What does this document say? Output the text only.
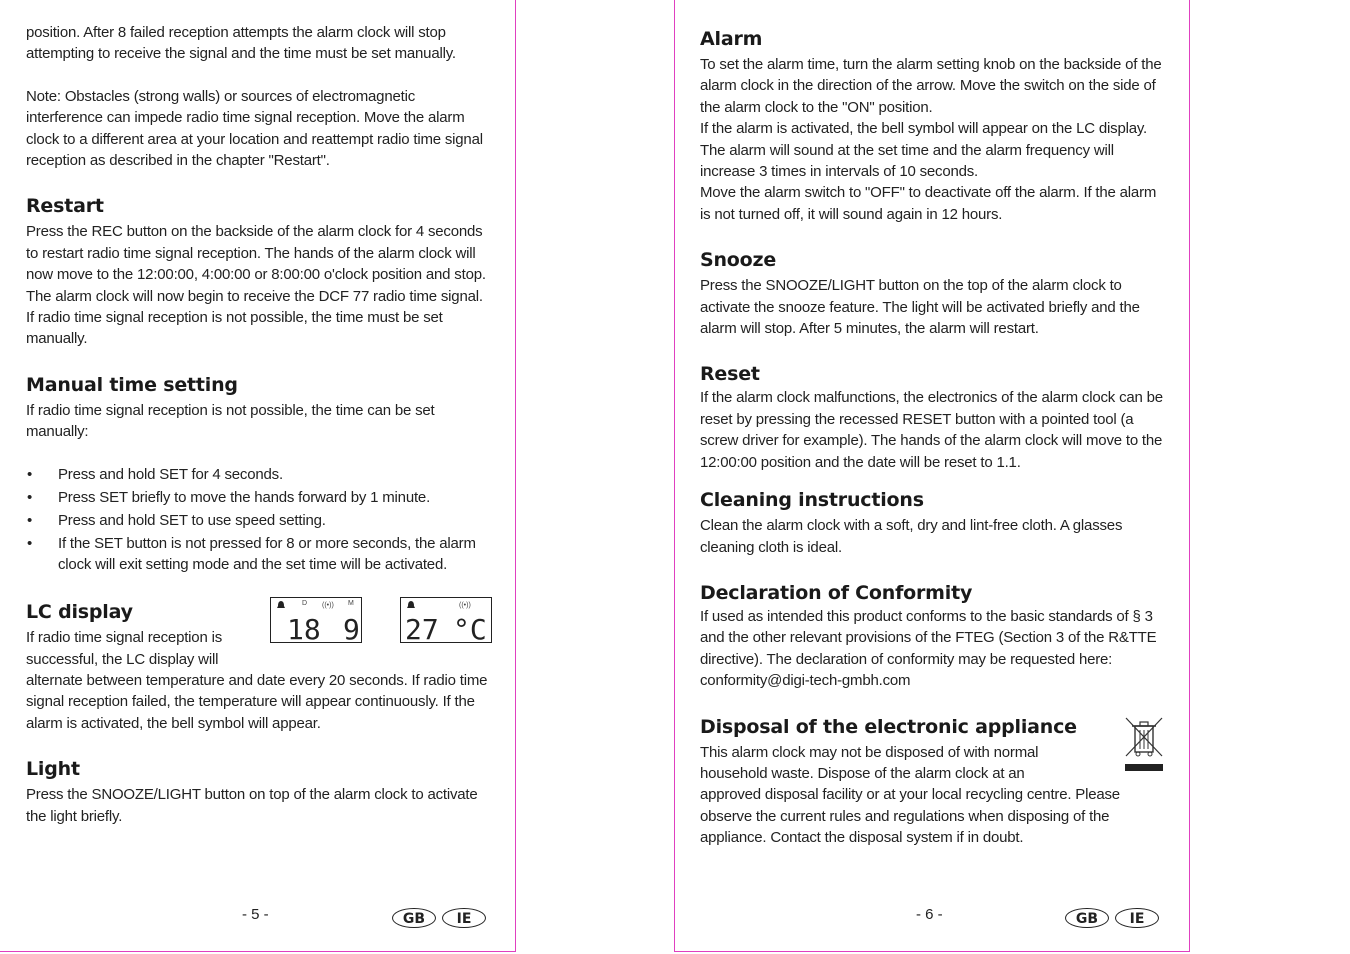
position. After 8 failed reception attempts the alarm clock will stop attempting to receive the signal and the time must be set manually.

Note: Obstacles (strong walls) or sources of electromagnetic interference can impede radio time signal reception. Move the alarm clock to a different area at your location and reattempt radio time signal reception as described in the chapter "Restart".

Restart

Press the REC button on the backside of the alarm clock for 4 seconds to restart radio time signal reception. The hands of the alarm clock will now move to the 12:00:00, 4:00:00 or 8:00:00 o'clock position and stop. The alarm clock will now begin to receive the DCF 77 radio time signal.

If radio time signal reception is not possible, the time must be set manually.

Manual time setting

If radio time signal reception is not possible, the time can be set manually:

• Press and hold SET for 4 seconds.
• Press SET briefly to move the hands forward by 1 minute.
• Press and hold SET to use speed setting.
• If the SET button is not pressed for 8 or more seconds, the alarm clock will exit setting mode and the set time will be activated.
LC display	D ((•)) M
18 9
((•))
27 °C

If radio time signal reception is successful, the LC display will

alternate between temperature and date every 20 seconds. If radio time signal reception failed, the temperature will appear continuously. If the alarm is activated, the bell symbol will appear.

Light

Press the SNOOZE/LIGHT button on top of the alarm clock to activate the light briefly.

- 5 -	GB	IE
Alarm

To set the alarm time, turn the alarm setting knob on the backside of the alarm clock in the direction of the arrow. Move the switch on the side of the alarm clock to the "ON" position.

If the alarm is activated, the bell symbol will appear on the LC display. The alarm will sound at the set time and the alarm frequency will increase 3 times in intervals of 10 seconds.

Move the alarm switch to "OFF" to deactivate off the alarm. If the alarm is not turned off, it will sound again in 12 hours.

Snooze

Press the SNOOZE/LIGHT button on the top of the alarm clock to activate the snooze feature. The light will be activated briefly and the alarm will stop. After 5 minutes, the alarm will restart.

Reset

If the alarm clock malfunctions, the electronics of the alarm clock can be reset by pressing the recessed RESET button with a pointed tool (a screw driver for example). The hands of the alarm clock will move to the 12:00:00 position and the date will be reset to 1.1.

Cleaning instructions

Clean the alarm clock with a soft, dry and lint-free cloth. A glasses cleaning cloth is ideal.

Declaration of Conformity

If used as intended this product conforms to the basic standards of § 3 and the other relevant provisions of the FTEG (Section 3 of the R&TTE directive). The declaration of conformity may be requested here: conformity@digi-tech-gmbh.com

Disposal of the electronic appliance

This alarm clock may not be disposed of with normal household waste. Dispose of the alarm clock at an

approved disposal facility or at your local recycling centre. Please observe the current rules and regulations when disposing of the appliance. Contact the disposal system if in doubt.

- 6 -	GB	IE
